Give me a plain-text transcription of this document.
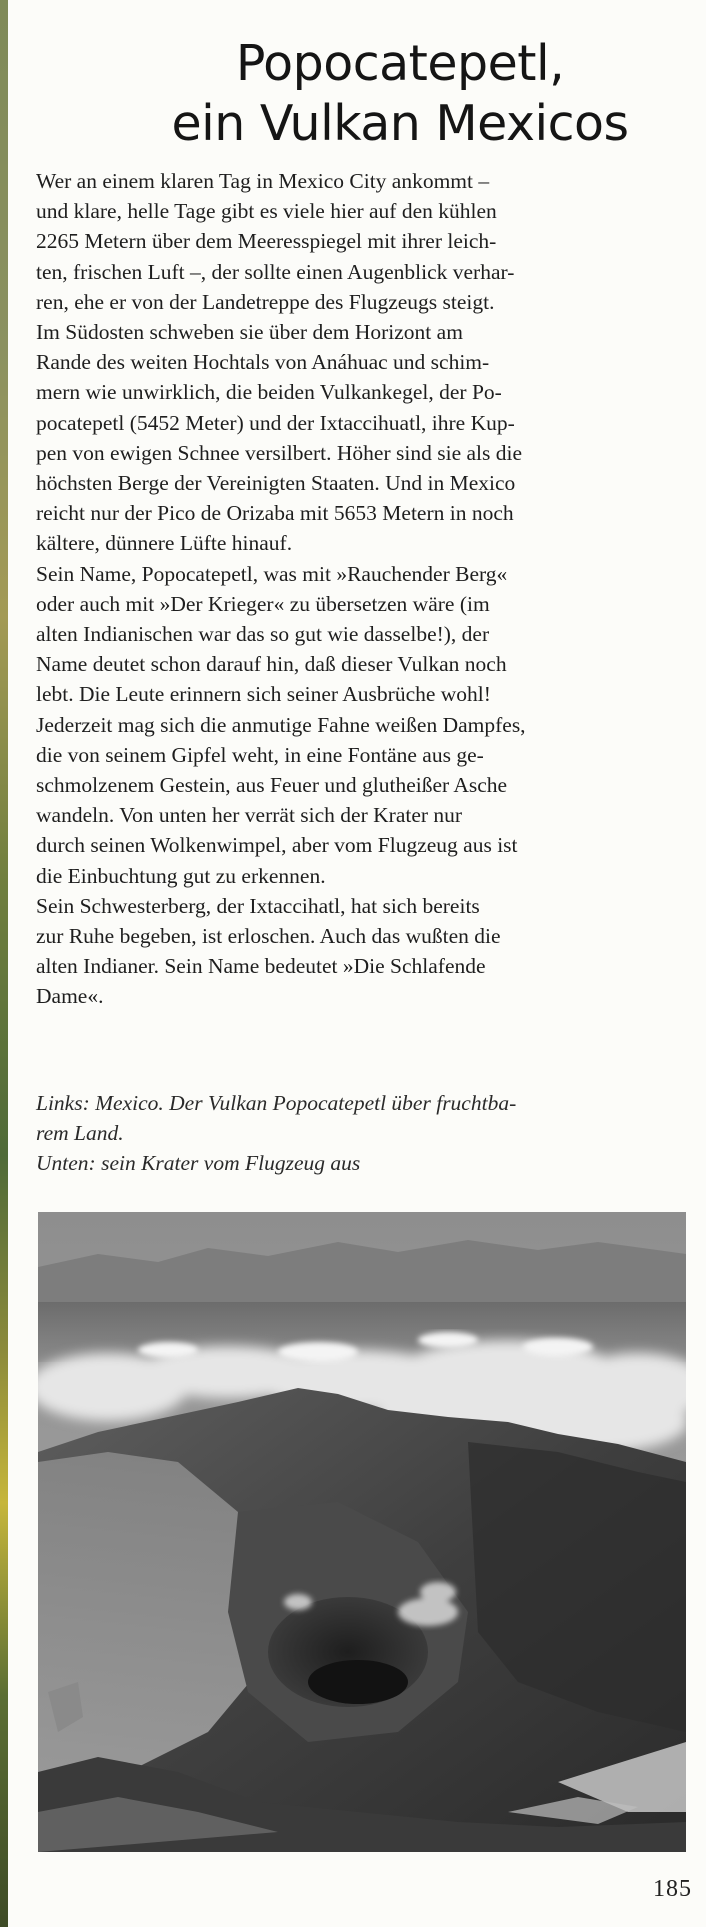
Popocatepetl,
ein Vulkan Mexicos
Wer an einem klaren Tag in Mexico City ankommt –
und klare, helle Tage gibt es viele hier auf den kühlen
2265 Metern über dem Meeresspiegel mit ihrer leich-
ten, frischen Luft –, der sollte einen Augenblick verhar-
ren, ehe er von der Landetreppe des Flugzeugs steigt.
Im Südosten schweben sie über dem Horizont am
Rande des weiten Hochtals von Anáhuac und schim-
mern wie unwirklich, die beiden Vulkankegel, der Po-
pocatepetl (5452 Meter) und der Ixtaccihuatl, ihre Kup-
pen von ewigen Schnee versilbert. Höher sind sie als die
höchsten Berge der Vereinigten Staaten. Und in Mexico
reicht nur der Pico de Orizaba mit 5653 Metern in noch
kältere, dünnere Lüfte hinauf.
Sein Name, Popocatepetl, was mit »Rauchender Berg«
oder auch mit »Der Krieger« zu übersetzen wäre (im
alten Indianischen war das so gut wie dasselbe!), der
Name deutet schon darauf hin, daß dieser Vulkan noch
lebt. Die Leute erinnern sich seiner Ausbrüche wohl!
Jederzeit mag sich die anmutige Fahne weißen Dampfes,
die von seinem Gipfel weht, in eine Fontäne aus ge-
schmolzenem Gestein, aus Feuer und glutheißer Asche
wandeln. Von unten her verrät sich der Krater nur
durch seinen Wolkenwimpel, aber vom Flugzeug aus ist
die Einbuchtung gut zu erkennen.
Sein Schwesterberg, der Ixtaccihatl, hat sich bereits
zur Ruhe begeben, ist erloschen. Auch das wußten die
alten Indianer. Sein Name bedeutet »Die Schlafende
Dame«.
Links: Mexico. Der Vulkan Popocatepetl über fruchtba-
rem Land.
Unten: sein Krater vom Flugzeug aus
185
